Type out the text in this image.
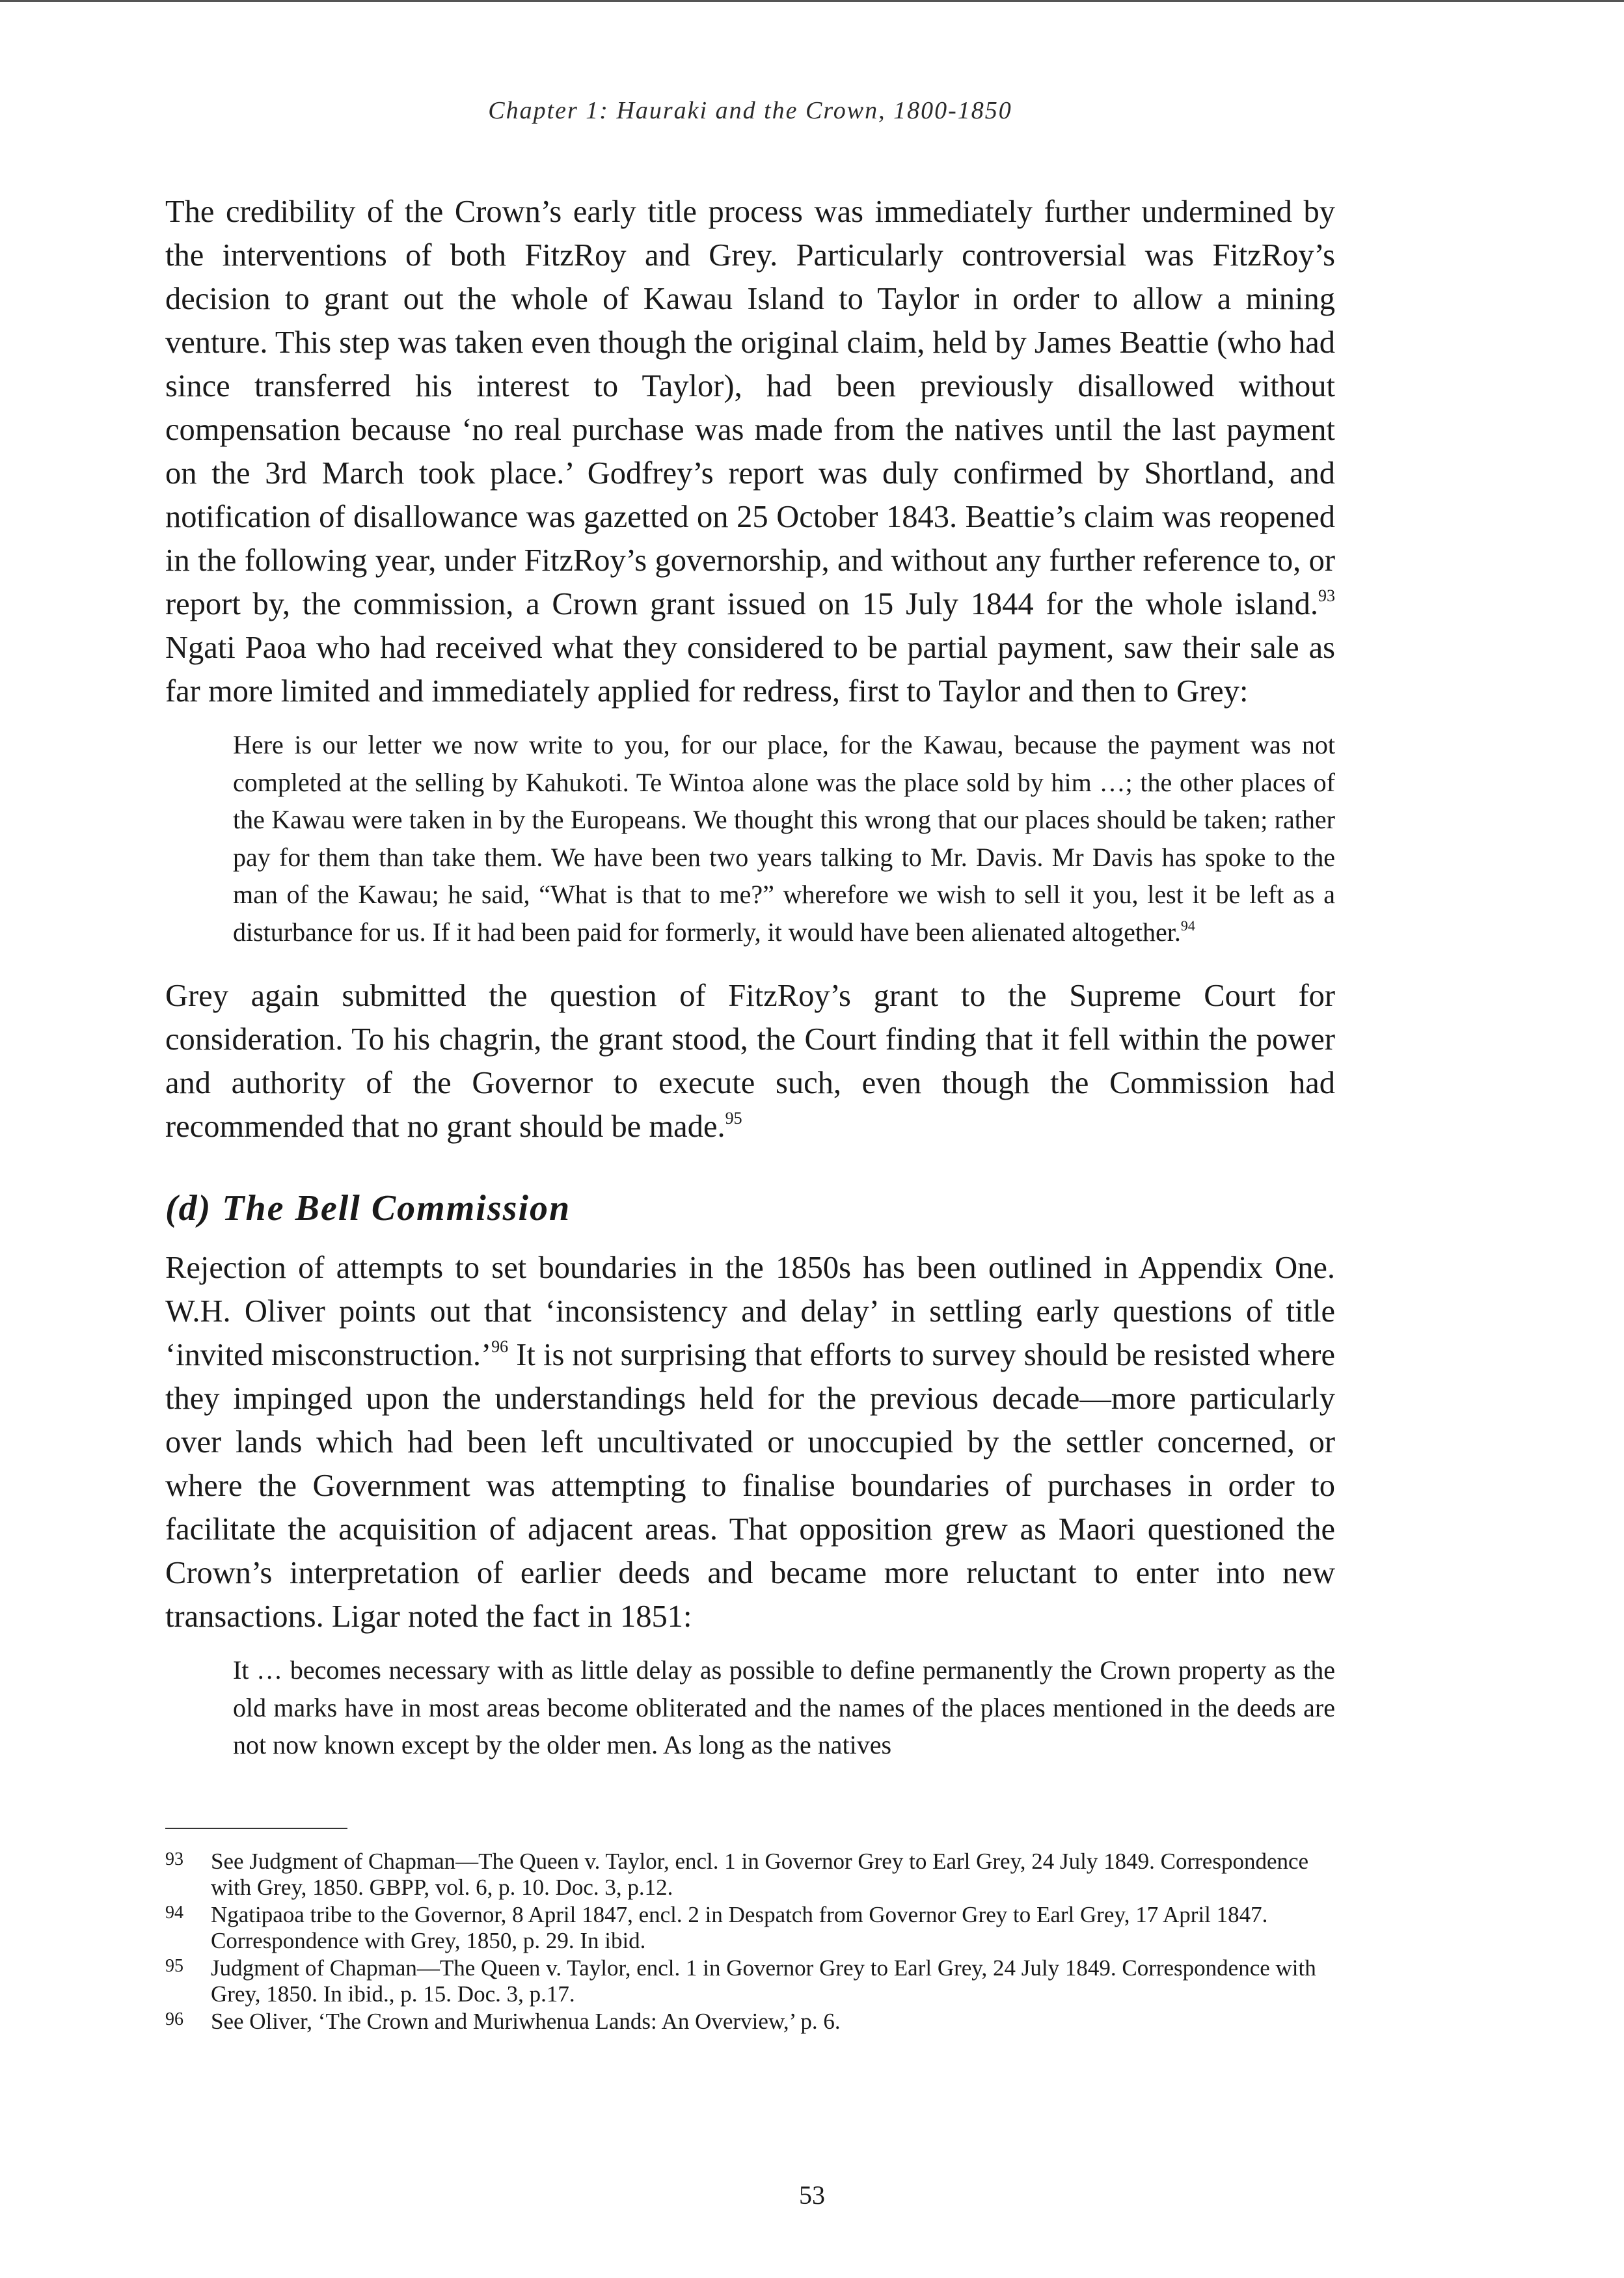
Chapter 1: Hauraki and the Crown, 1800-1850

The credibility of the Crown’s early title process was immediately further undermined by the interventions of both FitzRoy and Grey. Particularly controversial was FitzRoy’s decision to grant out the whole of Kawau Island to Taylor in order to allow a mining venture. This step was taken even though the original claim, held by James Beattie (who had since transferred his interest to Taylor), had been previously disallowed without compensation because ‘no real purchase was made from the natives until the last payment on the 3rd March took place.’ Godfrey’s report was duly confirmed by Shortland, and notification of disallowance was gazetted on 25 October 1843. Beattie’s claim was reopened in the following year, under FitzRoy’s governorship, and without any further reference to, or report by, the commission, a Crown grant issued on 15 July 1844 for the whole island.$^{93}$ Ngati Paoa who had received what they considered to be partial payment, saw their sale as far more limited and immediately applied for redress, first to Taylor and then to Grey:

Here is our letter we now write to you, for our place, for the Kawau, because the payment was not completed at the selling by Kahukoti. Te Wintoa alone was the place sold by him …; the other places of the Kawau were taken in by the Europeans. We thought this wrong that our places should be taken; rather pay for them than take them. We have been two years talking to Mr. Davis. Mr Davis has spoke to the man of the Kawau; he said, “What is that to me?” wherefore we wish to sell it you, lest it be left as a disturbance for us. If it had been paid for formerly, it would have been alienated altogether.$^{94}$

Grey again submitted the question of FitzRoy’s grant to the Supreme Court for consideration. To his chagrin, the grant stood, the Court finding that it fell within the power and authority of the Governor to execute such, even though the Commission had recommended that no grant should be made.$^{95}$

(d) The Bell Commission

Rejection of attempts to set boundaries in the 1850s has been outlined in Appendix One. W.H. Oliver points out that ‘inconsistency and delay’ in settling early questions of title ‘invited misconstruction.’$^{96}$ It is not surprising that efforts to survey should be resisted where they impinged upon the understandings held for the previous decade—more particularly over lands which had been left uncultivated or unoccupied by the settler concerned, or where the Government was attempting to finalise boundaries of purchases in order to facilitate the acquisition of adjacent areas. That opposition grew as Maori questioned the Crown’s interpretation of earlier deeds and became more reluctant to enter into new transactions. Ligar noted the fact in 1851:

It … becomes necessary with as little delay as possible to define permanently the Crown property as the old marks have in most areas become obliterated and the names of the places mentioned in the deeds are not now known except by the older men. As long as the natives

93	See Judgment of Chapman—The Queen v. Taylor, encl. 1 in Governor Grey to Earl Grey, 24 July 1849. Correspondence with Grey, 1850. GBPP, vol. 6, p. 10. Doc. 3, p.12.
94	Ngatipaoa tribe to the Governor, 8 April 1847, encl. 2 in Despatch from Governor Grey to Earl Grey, 17 April 1847. Correspondence with Grey, 1850, p. 29. In ibid.
95	Judgment of Chapman—The Queen v. Taylor, encl. 1 in Governor Grey to Earl Grey, 24 July 1849. Correspondence with Grey, 1850. In ibid., p. 15. Doc. 3, p.17.
96	See Oliver, ‘The Crown and Muriwhenua Lands: An Overview,’ p. 6.
53
